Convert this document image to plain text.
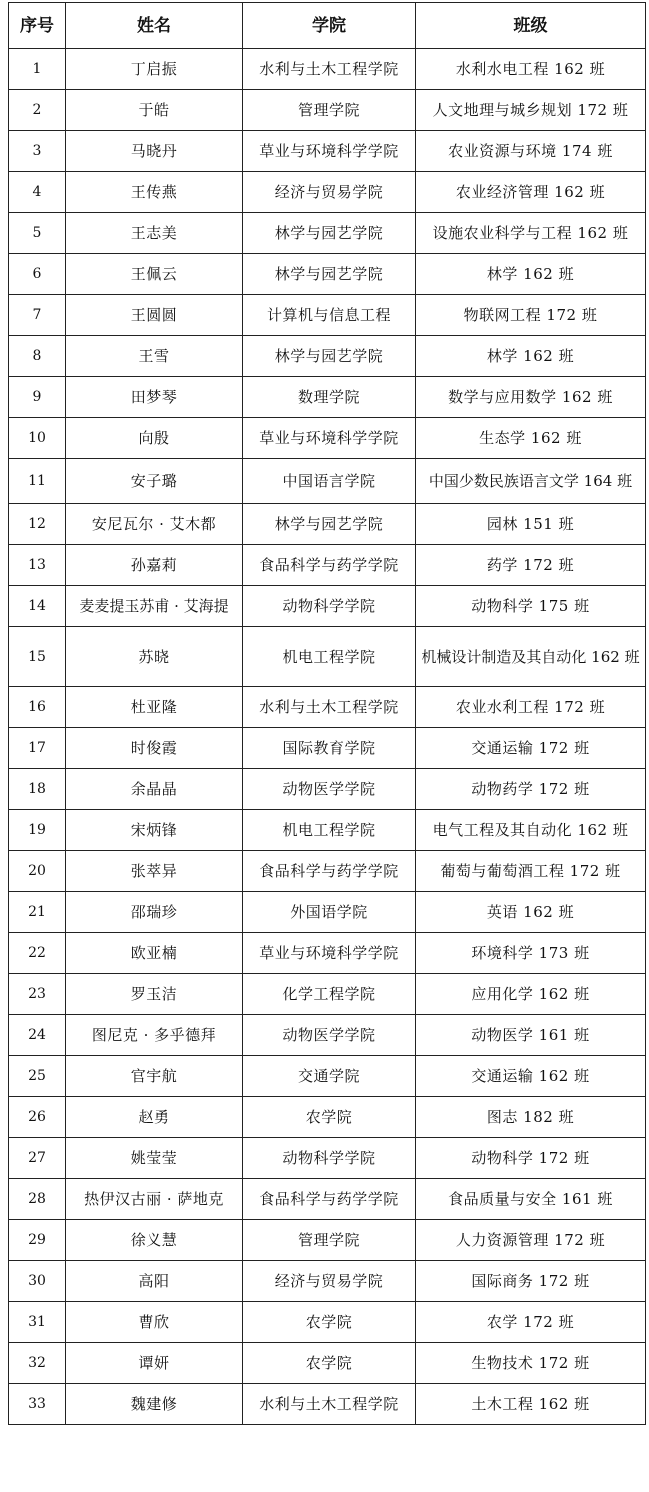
序号	姓名	学院	班级
1	丁启振	水利与土木工程学院	水利水电工程 162 班
2	于皓	管理学院	人文地理与城乡规划 172 班
3	马晓丹	草业与环境科学学院	农业资源与环境 174 班
4	王传燕	经济与贸易学院	农业经济管理 162 班
5	王志美	林学与园艺学院	设施农业科学与工程 162 班
6	王佩云	林学与园艺学院	林学 162 班
7	王圆圆	计算机与信息工程	物联网工程 172 班
8	王雪	林学与园艺学院	林学 162 班
9	田梦琴	数理学院	数学与应用数学 162 班
10	向殷	草业与环境科学学院	生态学 162 班
11	安子璐	中国语言学院	中国少数民族语言文学 164 班
12	安尼瓦尔 · 艾木都	林学与园艺学院	园林 151 班
13	孙嘉莉	食品科学与药学学院	药学 172 班
14	麦麦提玉苏甫 · 艾海提	动物科学学院	动物科学 175 班
15	苏晓	机电工程学院	机械设计制造及其自动化 162 班
16	杜亚隆	水利与土木工程学院	农业水利工程 172 班
17	时俊霞	国际教育学院	交通运输 172 班
18	余晶晶	动物医学学院	动物药学 172 班
19	宋炳锋	机电工程学院	电气工程及其自动化 162 班
20	张萃异	食品科学与药学学院	葡萄与葡萄酒工程 172 班
21	邵瑞珍	外国语学院	英语 162 班
22	欧亚楠	草业与环境科学学院	环境科学 173 班
23	罗玉洁	化学工程学院	应用化学 162 班
24	图尼克 · 多乎德拜	动物医学学院	动物医学 161 班
25	官宇航	交通学院	交通运输 162 班
26	赵勇	农学院	图志 182 班
27	姚莹莹	动物科学学院	动物科学 172 班
28	热伊汉古丽 · 萨地克	食品科学与药学学院	食品质量与安全 161 班
29	徐义慧	管理学院	人力资源管理 172 班
30	高阳	经济与贸易学院	国际商务 172 班
31	曹欣	农学院	农学 172 班
32	谭妍	农学院	生物技术 172 班
33	魏建修	水利与土木工程学院	土木工程 162 班
